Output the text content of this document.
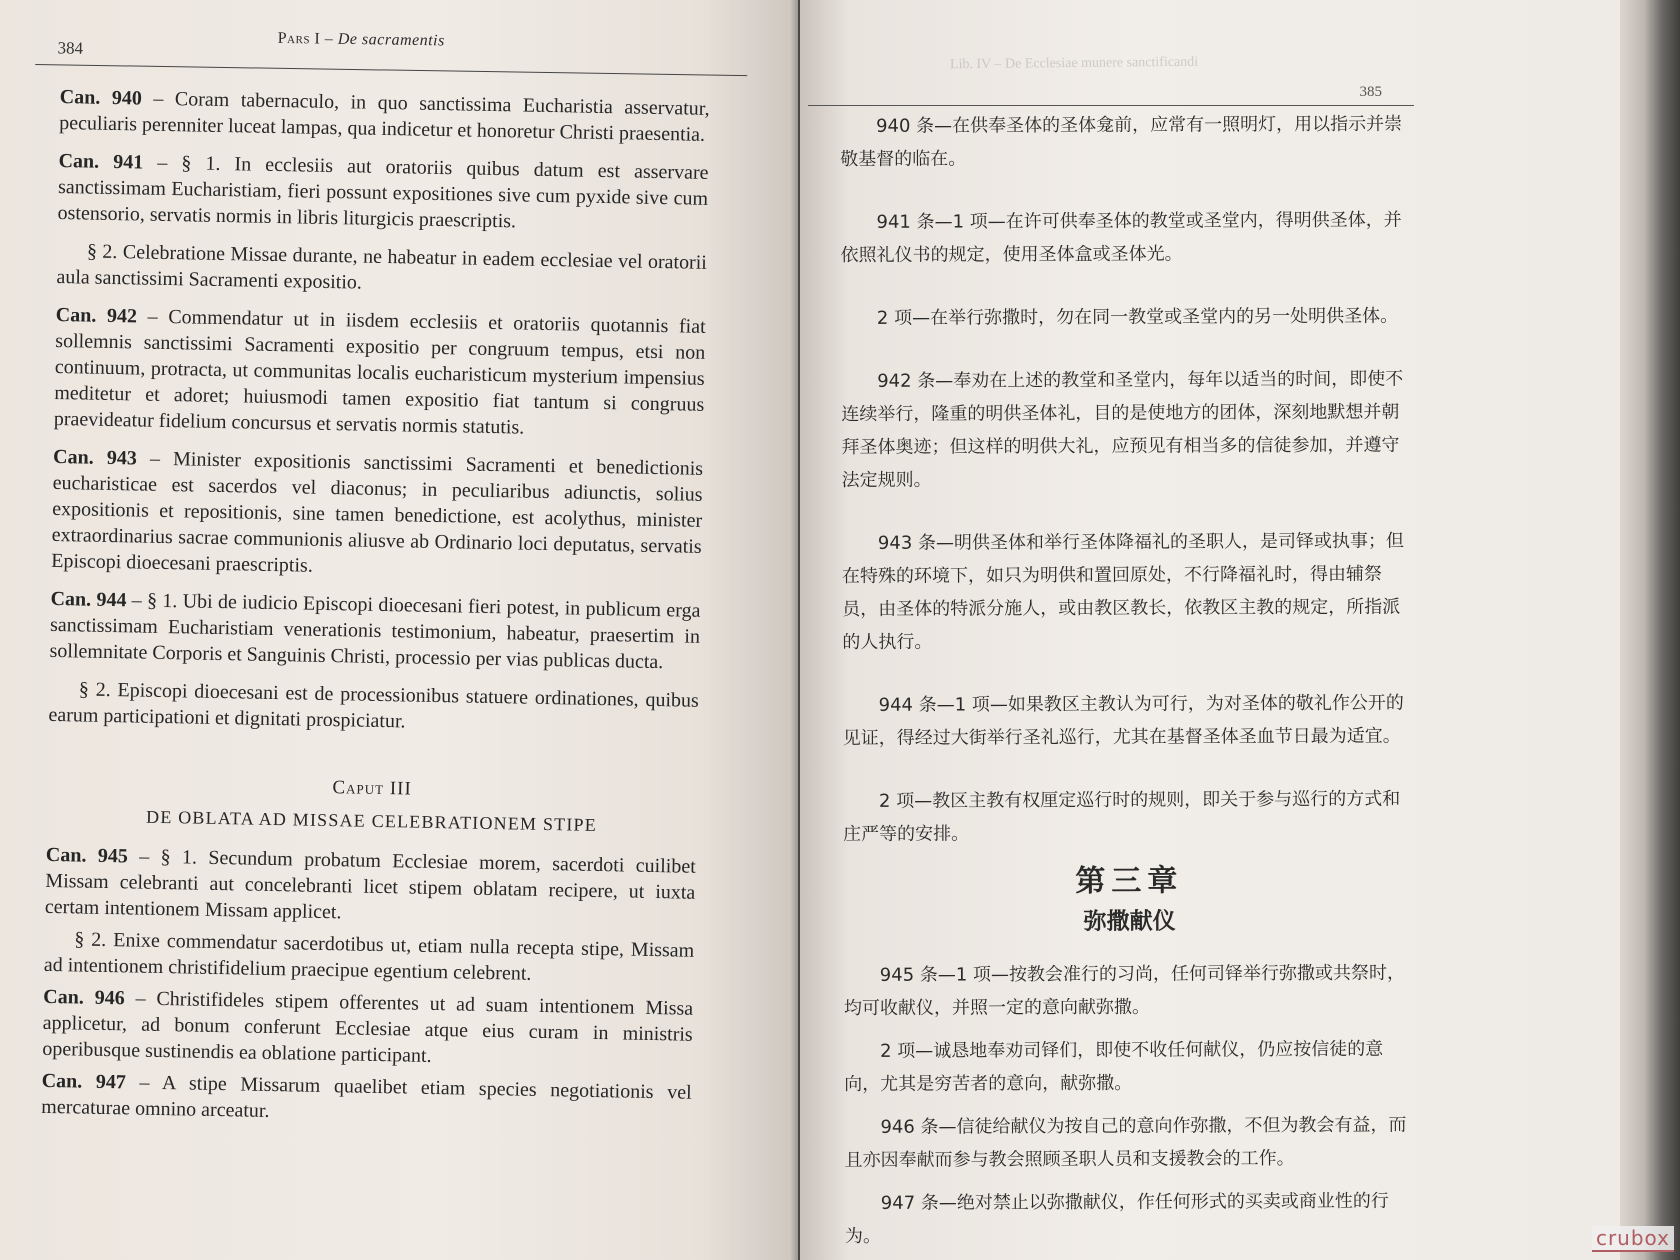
384	Pars I – De sacramentis

Can. 940 – Coram tabernaculo, in quo sanctissima Eucharistia asservatur, peculiaris perenniter luceat lampas, qua indicetur et honoretur Christi praesentia.

Can. 941 – § 1. In ecclesiis aut oratoriis quibus datum est asservare sanctissimam Eucharistiam, fieri possunt expositiones sive cum pyxide sive cum ostensorio, servatis normis in libris liturgicis praescriptis.

§ 2. Celebratione Missae durante, ne habeatur in eadem ecclesiae vel oratorii aula sanctissimi Sacramenti expositio.

Can. 942 – Commendatur ut in iisdem ecclesiis et oratoriis quotannis fiat sollemnis sanctissimi Sacramenti expositio per congruum tempus, etsi non continuum, protracta, ut communitas localis eucharisticum mysterium impensius meditetur et adoret; huiusmodi tamen expositio fiat tantum si congruus praevideatur fidelium concursus et servatis normis statutis.

Can. 943 – Minister expositionis sanctissimi Sacramenti et benedictionis eucharisticae est sacerdos vel diaconus; in peculiaribus adiunctis, solius expositionis et repositionis, sine tamen benedictione, est acolythus, minister extraordinarius sacrae communionis aliusve ab Ordinario loci deputatus, servatis Episcopi dioecesani praescriptis.

Can. 944 – § 1. Ubi de iudicio Episcopi dioecesani fieri potest, in publicum erga sanctissimam Eucharistiam venerationis testimonium, habeatur, praesertim in sollemnitate Corporis et Sanguinis Christi, processio per vias publicas ducta.

§ 2. Episcopi dioecesani est de processionibus statuere ordinationes, quibus earum participationi et dignitati prospiciatur.

Caput III
DE OBLATA AD MISSAE CELEBRATIONEM STIPE

Can. 945 – § 1. Secundum probatum Ecclesiae morem, sacerdoti cuilibet Missam celebranti aut concelebranti licet stipem oblatam recipere, ut iuxta certam intentionem Missam applicet.

§ 2. Enixe commendatur sacerdotibus ut, etiam nulla recepta stipe, Missam ad intentionem christifidelium praecipue egentium celebrent.

Can. 946 – Christifideles stipem offerentes ut ad suam intentionem Missa applicetur, ad bonum conferunt Ecclesiae atque eius curam in ministris operibusque sustinendis ea oblatione participant.

Can. 947 – A stipe Missarum quaelibet etiam species negotiationis vel mercaturae omnino arceatur.

Lib. IV – De Ecclesiae munere sanctificandi
385

940 条—在供奉圣体的圣体龛前，应常有一照明灯，用以指示并崇敬基督的临在。

941 条—1 项—在许可供奉圣体的教堂或圣堂内，得明供圣体，并依照礼仪书的规定，使用圣体盒或圣体光。

2 项—在举行弥撒时，勿在同一教堂或圣堂内的另一处明供圣体。

942 条—奉劝在上述的教堂和圣堂内，每年以适当的时间，即使不连续举行，隆重的明供圣体礼，目的是使地方的团体，深刻地默想并朝拜圣体奥迹；但这样的明供大礼，应预见有相当多的信徒参加，并遵守法定规则。

943 条—明供圣体和举行圣体降福礼的圣职人，是司铎或执事；但在特殊的环境下，如只为明供和置回原处，不行降福礼时，得由辅祭员，由圣体的特派分施人，或由教区教长，依教区主教的规定，所指派的人执行。

944 条—1 项—如果教区主教认为可行，为对圣体的敬礼作公开的见证，得经过大街举行圣礼巡行，尤其在基督圣体圣血节日最为适宜。

2 项—教区主教有权厘定巡行时的规则，即关于参与巡行的方式和庄严等的安排。

第三章
弥撒献仪

945 条—1 项—按教会准行的习尚，任何司铎举行弥撒或共祭时，均可收献仪，并照一定的意向献弥撒。

2 项—诚恳地奉劝司铎们，即使不收任何献仪，仍应按信徒的意向，尤其是穷苦者的意向，献弥撒。

946 条—信徒给献仪为按自己的意向作弥撒，不但为教会有益，而且亦因奉献而参与教会照顾圣职人员和支援教会的工作。

947 条—绝对禁止以弥撒献仪，作任何形式的买卖或商业性的行为。	crubox
